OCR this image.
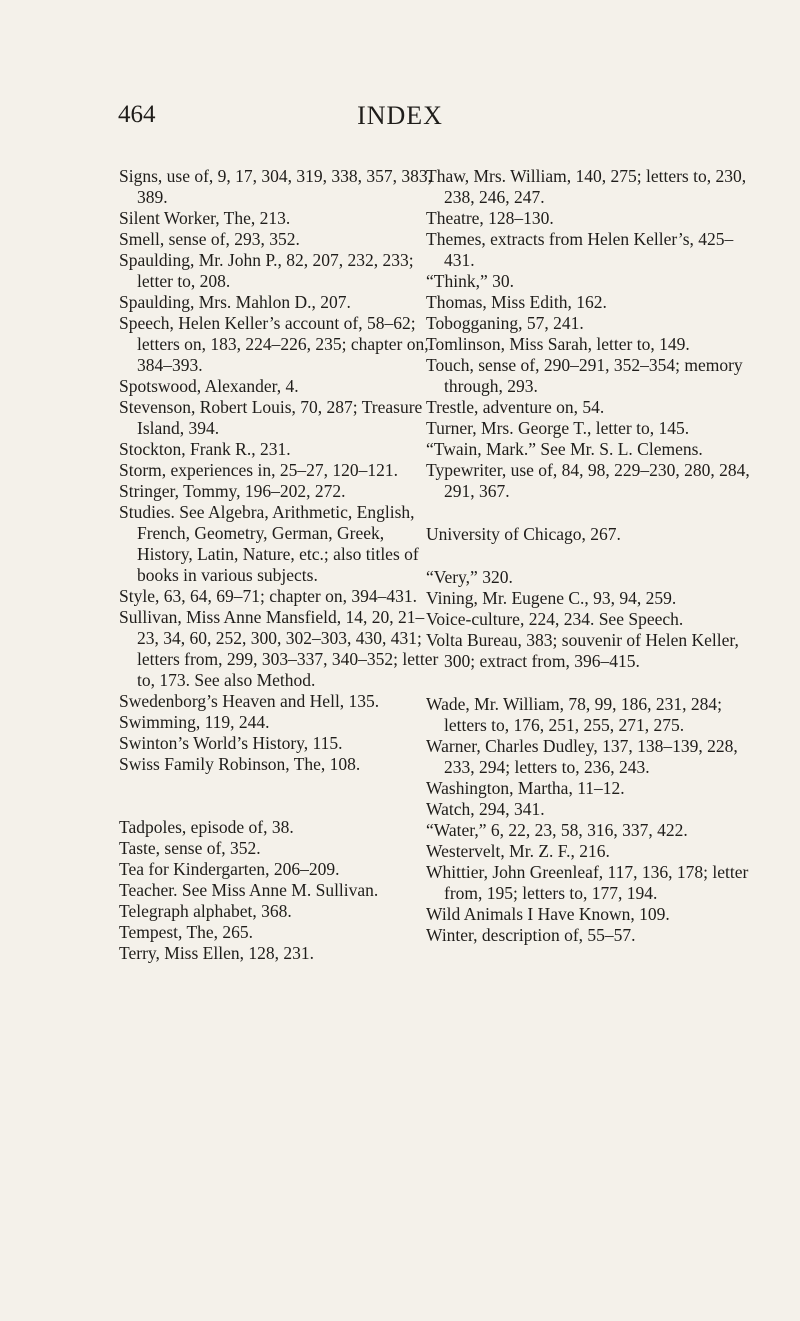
464	INDEX
Signs, use of, 9, 17, 304, 319, 338, 357, 383, 389.
Silent Worker, The, 213.
Smell, sense of, 293, 352.
Spaulding, Mr. John P., 82, 207, 232, 233; letter to, 208.
Spaulding, Mrs. Mahlon D., 207.
Speech, Helen Keller’s account of, 58–62; letters on, 183, 224–226, 235; chapter on, 384–393.
Spotswood, Alexander, 4.
Stevenson, Robert Louis, 70, 287; Treasure Island, 394.
Stockton, Frank R., 231.
Storm, experiences in, 25–27, 120–121.
Stringer, Tommy, 196–202, 272.
Studies. See Algebra, Arithmetic, English, French, Geometry, German, Greek, History, Latin, Nature, etc.; also titles of books in various subjects.
Style, 63, 64, 69–71; chapter on, 394–431.
Sullivan, Miss Anne Mansfield, 14, 20, 21–23, 34, 60, 252, 300, 302–303, 430, 431; letters from, 299, 303–337, 340–352; letter to, 173. See also Method.
Swedenborg’s Heaven and Hell, 135.
Swimming, 119, 244.
Swinton’s World’s History, 115.
Swiss Family Robinson, The, 108.
Tadpoles, episode of, 38.
Taste, sense of, 352.
Tea for Kindergarten, 206–209.
Teacher. See Miss Anne M. Sullivan.
Telegraph alphabet, 368.
Tempest, The, 265.
Terry, Miss Ellen, 128, 231.
Thaw, Mrs. William, 140, 275; letters to, 230, 238, 246, 247.
Theatre, 128–130.
Themes, extracts from Helen Keller’s, 425–431.
“Think,” 30.
Thomas, Miss Edith, 162.
Tobogganing, 57, 241.
Tomlinson, Miss Sarah, letter to, 149.
Touch, sense of, 290–291, 352–354; memory through, 293.
Trestle, adventure on, 54.
Turner, Mrs. George T., letter to, 145.
“Twain, Mark.” See Mr. S. L. Clemens.
Typewriter, use of, 84, 98, 229–230, 280, 284, 291, 367.
University of Chicago, 267.
“Very,” 320.
Vining, Mr. Eugene C., 93, 94, 259.
Voice-culture, 224, 234. See Speech.
Volta Bureau, 383; souvenir of Helen Keller, 300; extract from, 396–415.
Wade, Mr. William, 78, 99, 186, 231, 284; letters to, 176, 251, 255, 271, 275.
Warner, Charles Dudley, 137, 138–139, 228, 233, 294; letters to, 236, 243.
Washington, Martha, 11–12.
Watch, 294, 341.
“Water,” 6, 22, 23, 58, 316, 337, 422.
Westervelt, Mr. Z. F., 216.
Whittier, John Greenleaf, 117, 136, 178; letter from, 195; letters to, 177, 194.
Wild Animals I Have Known, 109.
Winter, description of, 55–57.
